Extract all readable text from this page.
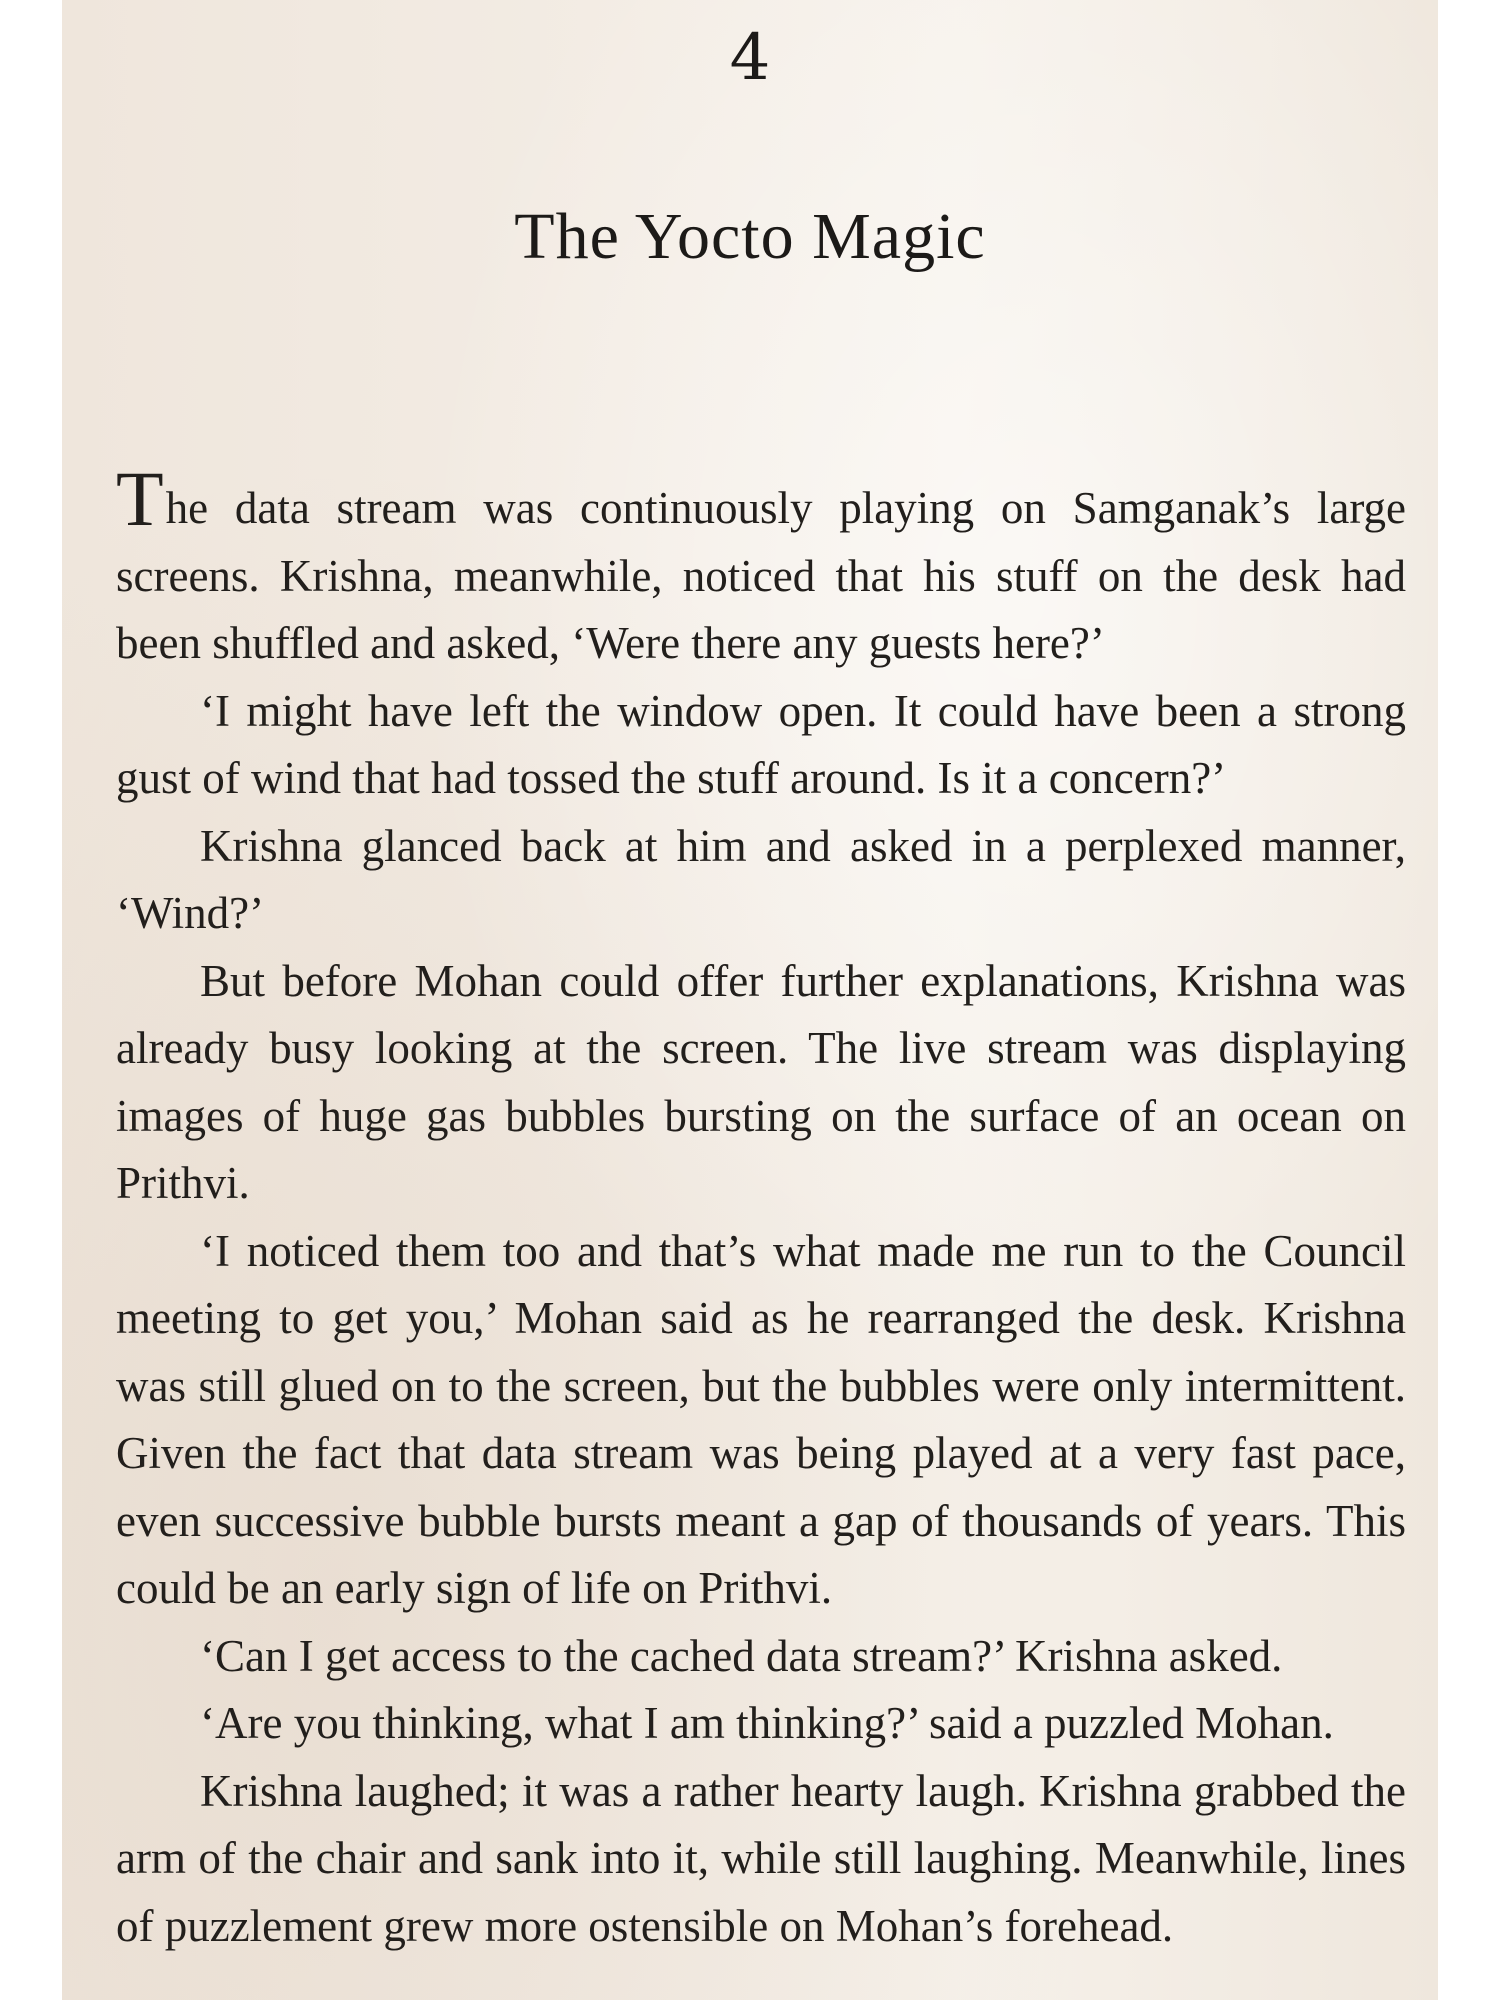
4
The Yocto Magic

The data stream was continuously playing on Samganak’s large screens. Krishna, meanwhile, noticed that his stuff on the desk had been shuffled and asked, ‘Were there any guests here?’

‘I might have left the window open. It could have been a strong gust of wind that had tossed the stuff around. Is it a concern?’

Krishna glanced back at him and asked in a perplexed manner, ‘Wind?’

But before Mohan could offer further explanations, Krishna was already busy looking at the screen. The live stream was displaying images of huge gas bubbles bursting on the surface of an ocean on Prithvi.

‘I noticed them too and that’s what made me run to the Council meeting to get you,’ Mohan said as he rearranged the desk. Krishna was still glued on to the screen, but the bubbles were only intermittent. Given the fact that data stream was being played at a very fast pace, even successive bubble bursts meant a gap of thousands of years. This could be an early sign of life on Prithvi.

‘Can I get access to the cached data stream?’ Krishna asked.

‘Are you thinking, what I am thinking?’ said a puzzled Mohan.

Krishna laughed; it was a rather hearty laugh. Krishna grabbed the arm of the chair and sank into it, while still laughing. Meanwhile, lines of puzzlement grew more ostensible on Mohan’s forehead.
